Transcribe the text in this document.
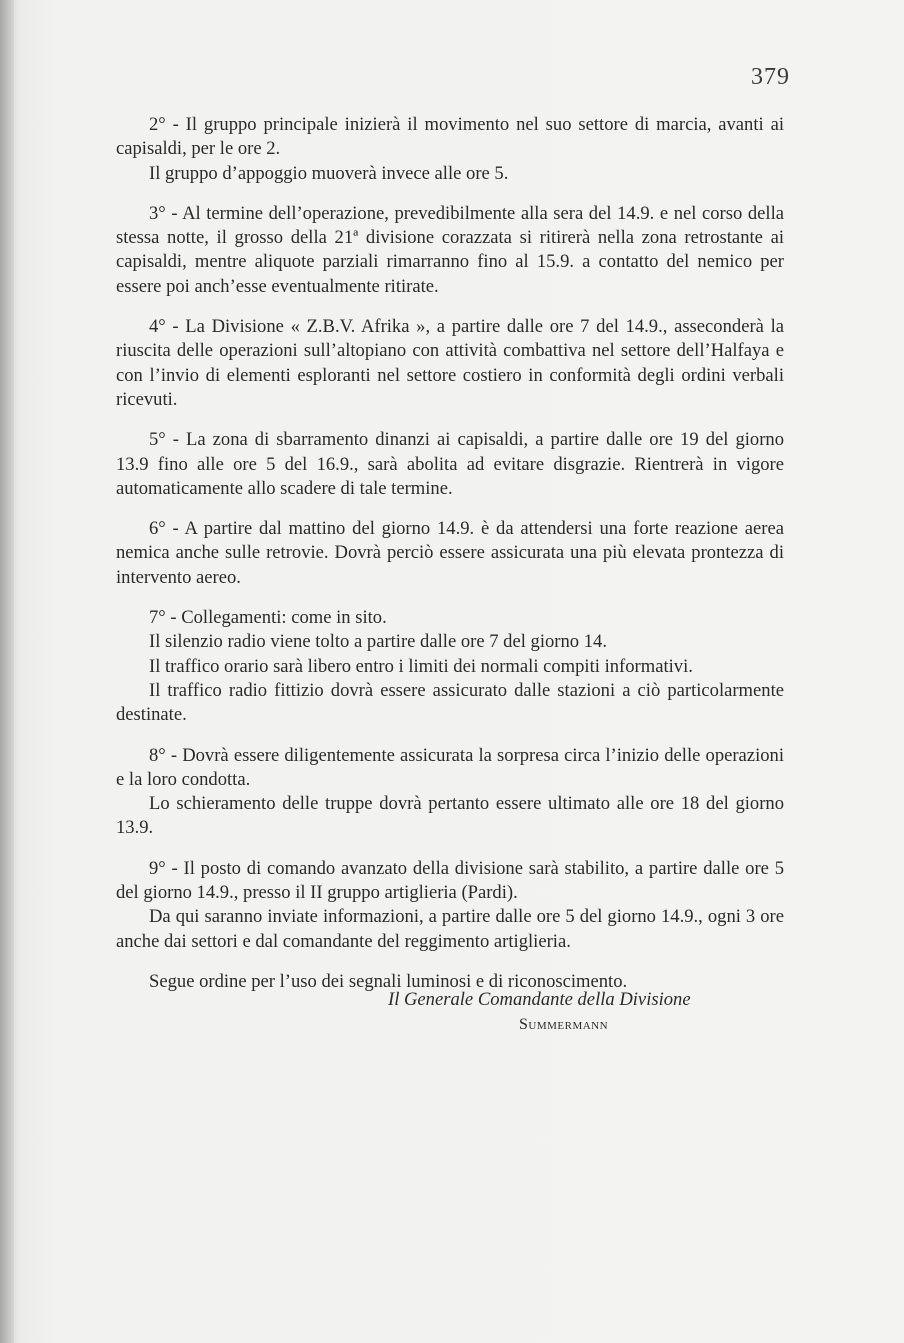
379

2° - Il gruppo principale inizierà il movimento nel suo settore di marcia, avanti ai capisaldi, per le ore 2.

Il gruppo d’appoggio muoverà invece alle ore 5.

3° - Al termine dell’operazione, prevedibilmente alla sera del 14.9. e nel corso della stessa notte, il grosso della 21ª divisione corazzata si ritirerà nella zona retrostante ai capisaldi, mentre aliquote parziali rimarranno fino al 15.9. a contatto del nemico per essere poi anch’esse eventualmente ritirate.

4° - La Divisione « Z.B.V. Afrika », a partire dalle ore 7 del 14.9., asseconderà la riuscita delle operazioni sull’altopiano con attività combattiva nel settore dell’Halfaya e con l’invio di elementi esploranti nel settore costiero in conformità degli ordini verbali ricevuti.

5° - La zona di sbarramento dinanzi ai capisaldi, a partire dalle ore 19 del giorno 13.9 fino alle ore 5 del 16.9., sarà abolita ad evitare disgrazie. Rientrerà in vigore automaticamente allo scadere di tale termine.

6° - A partire dal mattino del giorno 14.9. è da attendersi una forte reazione aerea nemica anche sulle retrovie. Dovrà perciò essere assicurata una più elevata prontezza di intervento aereo.

7° - Collegamenti: come in sito.

Il silenzio radio viene tolto a partire dalle ore 7 del giorno 14.

Il traffico orario sarà libero entro i limiti dei normali compiti informativi.

Il traffico radio fittizio dovrà essere assicurato dalle stazioni a ciò particolarmente destinate.

8° - Dovrà essere diligentemente assicurata la sorpresa circa l’inizio delle operazioni e la loro condotta.

Lo schieramento delle truppe dovrà pertanto essere ultimato alle ore 18 del giorno 13.9.

9° - Il posto di comando avanzato della divisione sarà stabilito, a partire dalle ore 5 del giorno 14.9., presso il II gruppo artiglieria (Pardi).

Da qui saranno inviate informazioni, a partire dalle ore 5 del giorno 14.9., ogni 3 ore anche dai settori e dal comandante del reggimento artiglieria.

Segue ordine per l’uso dei segnali luminosi e di riconoscimento.

Il Generale Comandante della Divisione
Summermann
